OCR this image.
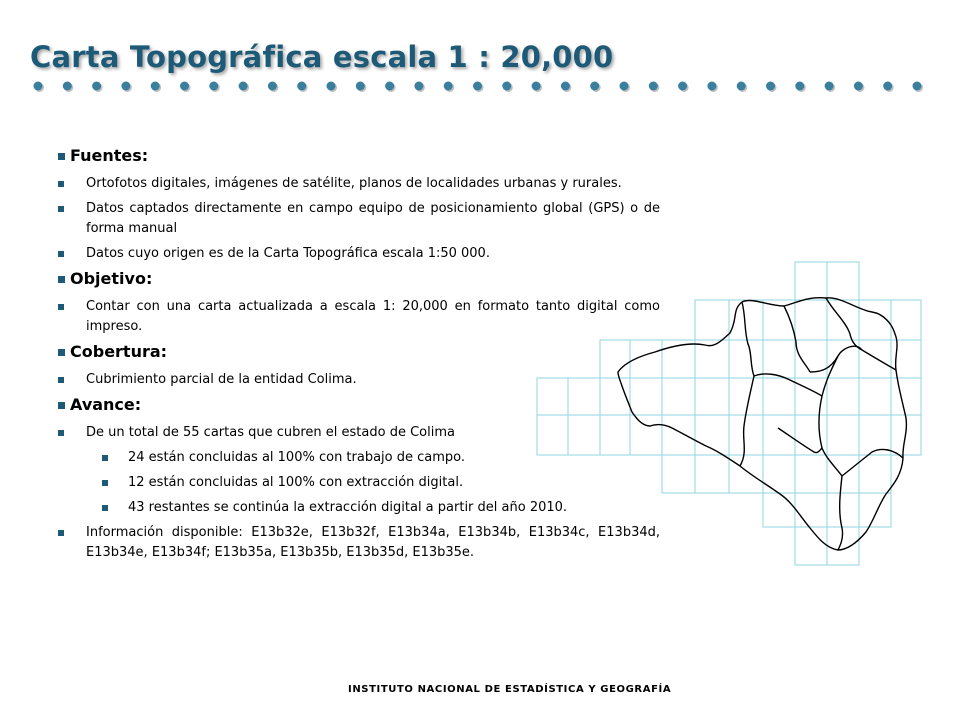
Carta Topográfica escala 1 : 20,000
Fuentes:
Ortofotos digitales, imágenes de satélite, planos de localidades urbanas y rurales.
Datos captados directamente en campo equipo de posicionamiento global (GPS) o de forma manual
Datos cuyo origen es de la Carta Topográfica escala 1:50 000.
Objetivo:
Contar con una carta actualizada a escala 1: 20,000 en formato tanto digital como impreso.
Cobertura:
Cubrimiento parcial de la entidad Colima.
Avance:
De un total de 55 cartas que cubren el estado de Colima
24 están concluidas al 100% con trabajo de campo.
12 están concluidas al 100% con extracción digital.
43 restantes se continúa la extracción digital a partir del año 2010.
Información disponible: E13b32e, E13b32f, E13b34a, E13b34b, E13b34c, E13b34d, E13b34e, E13b34f; E13b35a, E13b35b, E13b35d, E13b35e.
INSTITUTO NACIONAL DE ESTADÍSTICA Y GEOGRAFÍA
